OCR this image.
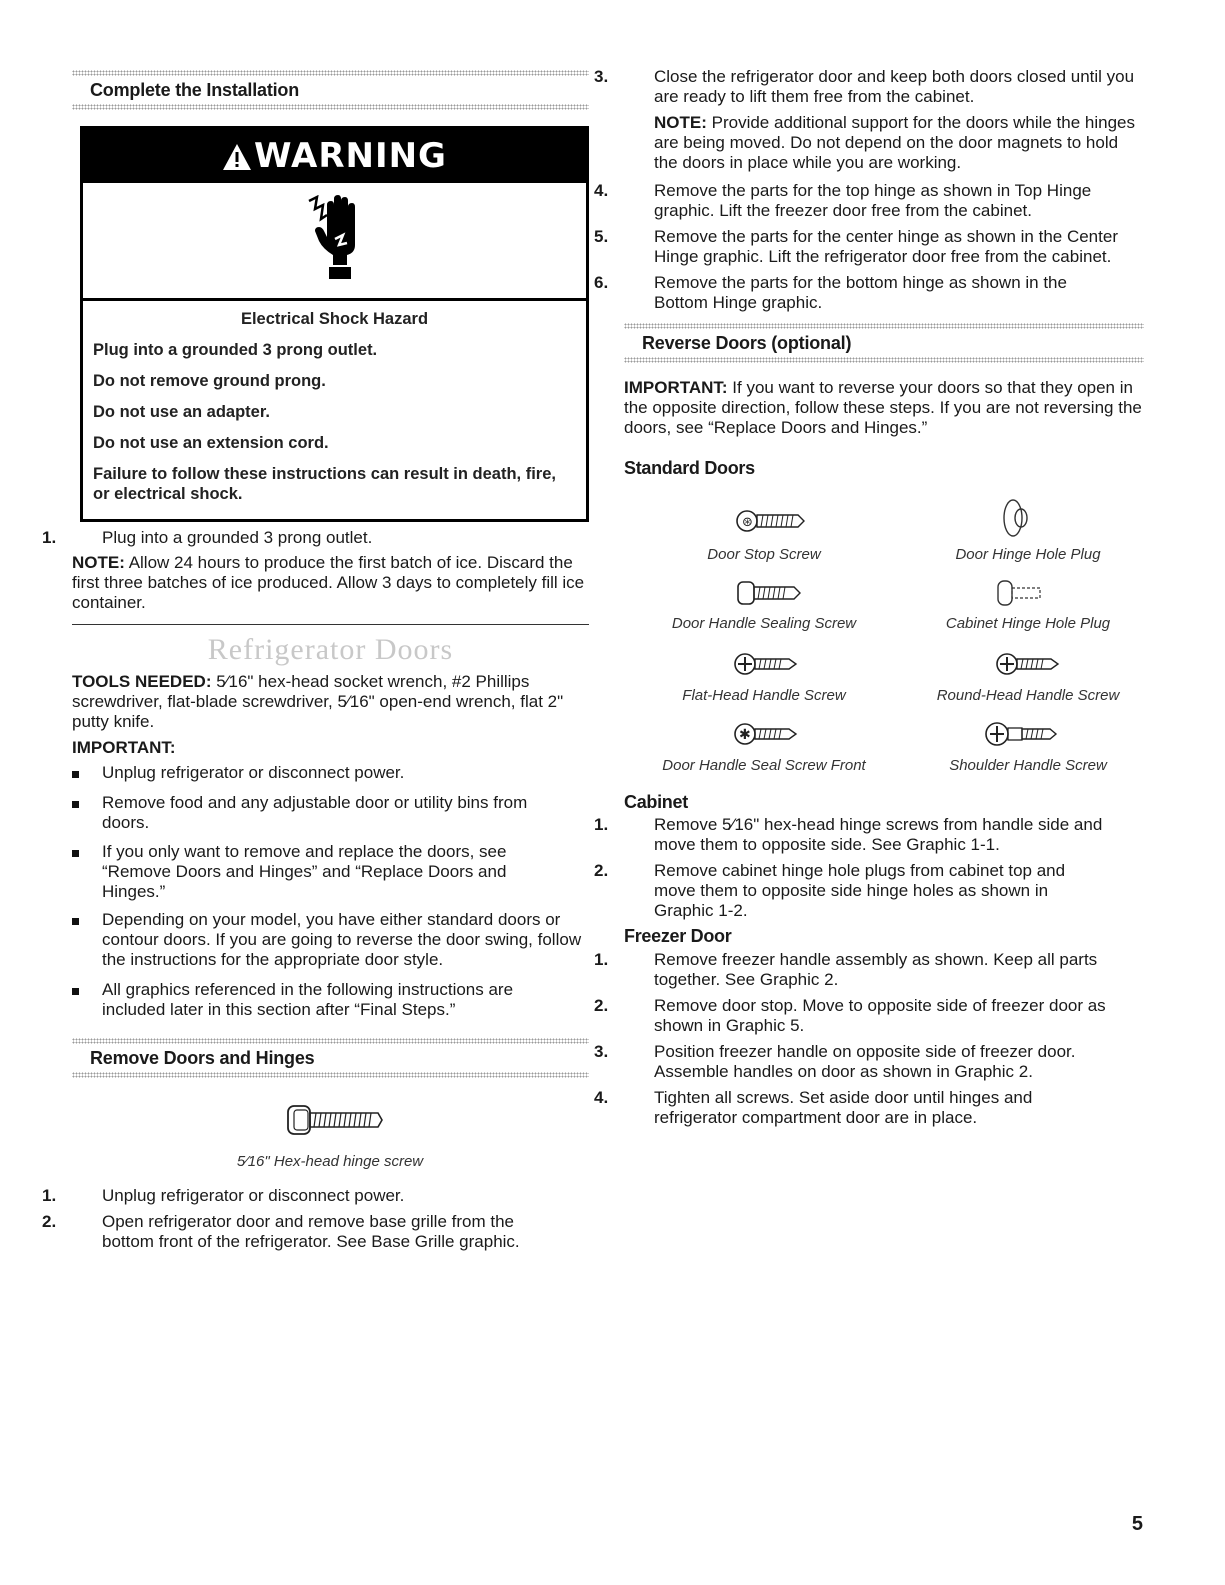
Complete the Installation
WARNING
Electrical Shock Hazard

Plug into a grounded 3 prong outlet.

Do not remove ground prong.

Do not use an adapter.

Do not use an extension cord.

Failure to follow these instructions can result in death, fire, or electrical shock.

1.	Plug into a grounded 3 prong outlet.
NOTE: Allow 24 hours to produce the first batch of ice. Discard the first three batches of ice produced. Allow 3 days to completely fill ice container.
Refrigerator Doors
TOOLS NEEDED: 5⁄16" hex-head socket wrench, #2 Phillips screwdriver, flat-blade screwdriver, 5⁄16" open-end wrench, flat 2" putty knife.
IMPORTANT:
Unplug refrigerator or disconnect power.
Remove food and any adjustable door or utility bins from doors.
If you only want to remove and replace the doors, see “Remove Doors and Hinges” and “Replace Doors and Hinges.”
Depending on your model, you have either standard doors or contour doors. If you are going to reverse the door swing, follow the instructions for the appropriate door style.
All graphics referenced in the following instructions are included later in this section after “Final Steps.”
Remove Doors and Hinges
5⁄16" Hex-head hinge screw
1.	Unplug refrigerator or disconnect power.
2.	Open refrigerator door and remove base grille from the bottom front of the refrigerator. See Base Grille graphic.
3.	Close the refrigerator door and keep both doors closed until you are ready to lift them free from the cabinet.
NOTE: Provide additional support for the doors while the hinges are being moved. Do not depend on the door magnets to hold the doors in place while you are working.
4.	Remove the parts for the top hinge as shown in Top Hinge graphic. Lift the freezer door free from the cabinet.
5.	Remove the parts for the center hinge as shown in the Center Hinge graphic. Lift the refrigerator door free from the cabinet.
6.	Remove the parts for the bottom hinge as shown in the Bottom Hinge graphic.
Reverse Doors (optional)
IMPORTANT: If you want to reverse your doors so that they open in the opposite direction, follow these steps. If you are not reversing the doors, see “Replace Doors and Hinges.”
Standard Doors
⊛
Door Stop Screw	Door Hinge Hole Plug
Door Handle Sealing Screw	Cabinet Hinge Hole Plug
Flat-Head Handle Screw	Round-Head Handle Screw
✱
Door Handle Seal Screw Front	Shoulder Handle Screw
Cabinet
1.	Remove 5⁄16" hex-head hinge screws from handle side and move them to opposite side. See Graphic 1-1.
2.	Remove cabinet hinge hole plugs from cabinet top and move them to opposite side hinge holes as shown in Graphic 1-2.
Freezer Door
1.	Remove freezer handle assembly as shown. Keep all parts together. See Graphic 2.
2.	Remove door stop. Move to opposite side of freezer door as shown in Graphic 5.
3.	Position freezer handle on opposite side of freezer door. Assemble handles on door as shown in Graphic 2.
4.	Tighten all screws. Set aside door until hinges and refrigerator compartment door are in place.
5
